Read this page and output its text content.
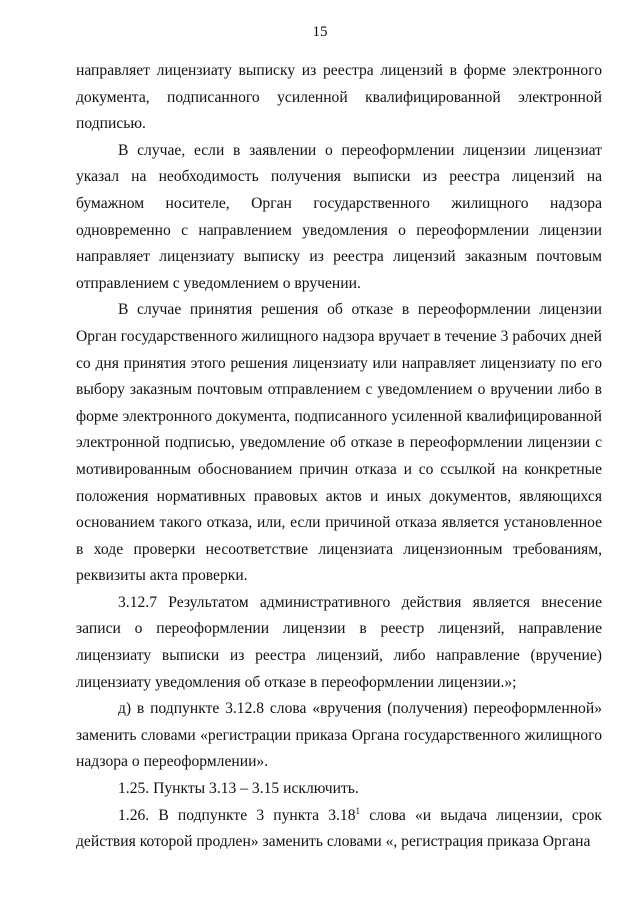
15

направляет лицензиату выписку из реестра лицензий в форме электронного документа, подписанного усиленной квалифицированной электронной подписью.

В случае, если в заявлении о переоформлении лицензии лицензиат указал на необходимость получения выписки из реестра лицензий на бумажном носителе, Орган государственного жилищного надзора одновременно с направлением уведомления о переоформлении лицензии направляет лицензиату выписку из реестра лицензий заказным почтовым отправлением с уведомлением о вручении.

В случае принятия решения об отказе в переоформлении лицензии Орган государственного жилищного надзора вручает в течение 3 рабочих дней со дня принятия этого решения лицензиату или направляет лицензиату по его выбору заказным почтовым отправлением с уведомлением о вручении либо в форме электронного документа, подписанного усиленной квалифицированной электронной подписью, уведомление об отказе в переоформлении лицензии с мотивированным обоснованием причин отказа и со ссылкой на конкретные положения нормативных правовых актов и иных документов, являющихся основанием такого отказа, или, если причиной отказа является установленное в ходе проверки несоответствие лицензиата лицензионным требованиям, реквизиты акта проверки.

3.12.7 Результатом административного действия является внесение записи о переоформлении лицензии в реестр лицензий, направление лицензиату выписки из реестра лицензий, либо направление (вручение) лицензиату уведомления об отказе в переоформлении лицензии.»;

д) в подпункте 3.12.8 слова «вручения (получения) переоформленной» заменить словами «регистрации приказа Органа государственного жилищного надзора о переоформлении».

1.25. Пункты 3.13 – 3.15 исключить.

1.26. В подпункте 3 пункта 3.18$^1$ слова «и выдача лицензии, срок действия которой продлен» заменить словами «, регистрация приказа Органа
